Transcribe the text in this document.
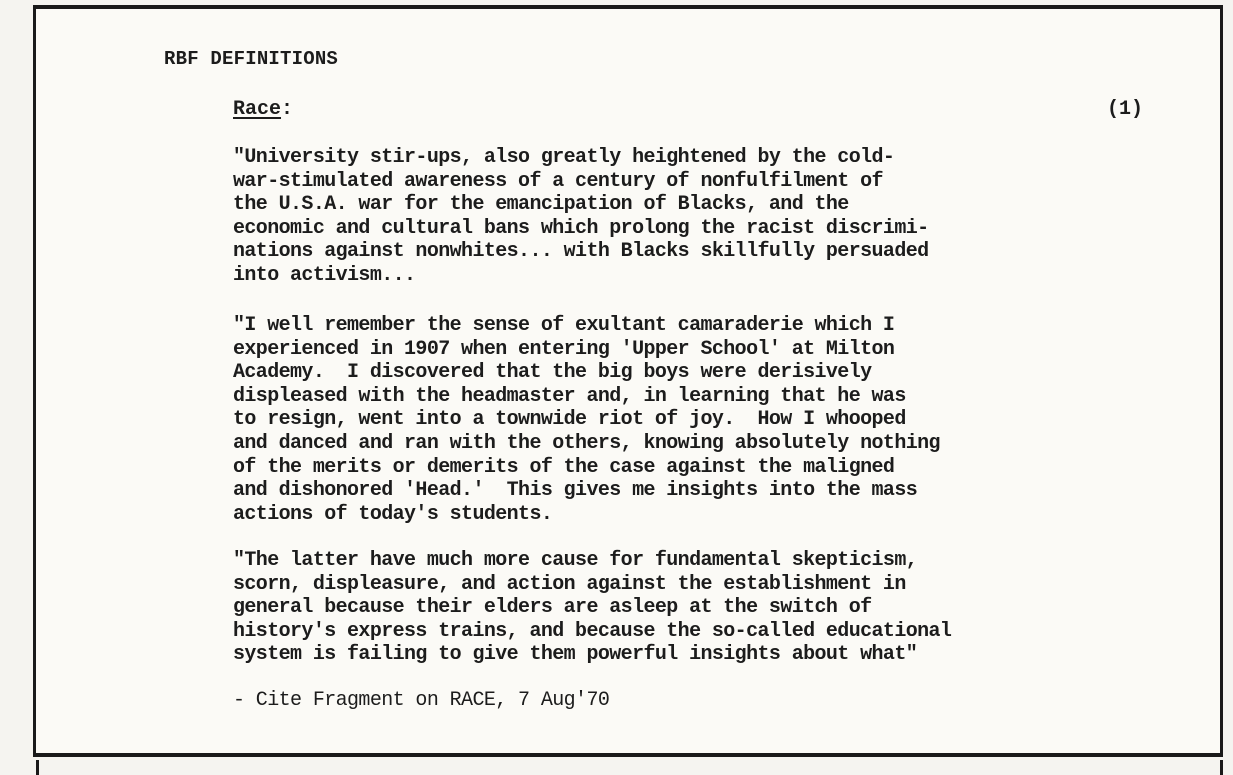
RBF DEFINITIONS
Race:	(1)

"University stir-ups, also greatly heightened by the cold-
war-stimulated awareness of a century of nonfulfilment of
the U.S.A. war for the emancipation of Blacks, and the
economic and cultural bans which prolong the racist discrimi-
nations against nonwhites... with Blacks skillfully persuaded
into activism...

"I well remember the sense of exultant camaraderie which I
experienced in 1907 when entering 'Upper School' at Milton
Academy.  I discovered that the big boys were derisively
displeased with the headmaster and, in learning that he was
to resign, went into a townwide riot of joy.  How I whooped
and danced and ran with the others, knowing absolutely nothing
of the merits or demerits of the case against the maligned
and dishonored 'Head.'  This gives me insights into the mass
actions of today's students.

"The latter have much more cause for fundamental skepticism,
scorn, displeasure, and action against the establishment in
general because their elders are asleep at the switch of
history's express trains, and because the so-called educational
system is failing to give them powerful insights about what"

- Cite Fragment on RACE, 7 Aug'70
